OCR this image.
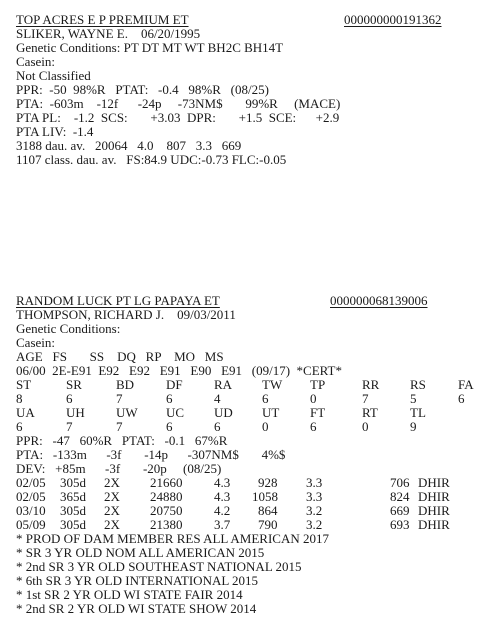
TOP ACRES E P PREMIUM ET	000000000191362
SLIKER, WAYNE E.    06/20/1995
Genetic Conditions: PT DT MT WT BH2C BH14T
Casein:
Not Classified
PPR:  -50  98%R   PTAT:   -0.4   98%R   (08/25)
PTA:  -603m    -12f      -24p     -73NM$       99%R     (MACE)
PTA PL:    -1.2  SCS:       +3.03  DPR:       +1.5  SCE:      +2.9
PTA LIV:  -1.4
3188 dau. av.   20064   4.0    807   3.3   669
1107 class. dau. av.   FS:84.9 UDC:-0.73 FLC:-0.05
RANDOM LUCK PT LG PAPAYA ET	000000068139006
THOMPSON, RICHARD J.    09/03/2011
Genetic Conditions:
Casein:
AGE   FS       SS    DQ   RP    MO   MS
06/00  2E-E91  E92   E92   E91   E90   E91   (09/17)  *CERT*
ST	SR	BD DF RA TW TP	RR RS FA
8	6	7	6	4	6	0	7	5	6
UA UH UW UC UD UT FT	RT TL
6	7	7	6	6	0	6	0	9
PPR:   -47   60%R   PTAT:   -0.1   67%R
PTA:   -133m      -3f       -14p      -307NM$       4%$
DEV:   +85m      -3f       -20p     (08/25)
02/05 305d 2X 21660 4.3 928 3.3	706 DHIR
02/05 365d 2X 24880 4.3 1058 3.3	824 DHIR
03/10 305d 2X 20750 4.2 864 3.2	669 DHIR
05/09 305d 2X 21380 3.7 790 3.2	693 DHIR
* PROD OF DAM MEMBER RES ALL AMERICAN 2017
* SR 3 YR OLD NOM ALL AMERICAN 2015
* 2nd SR 3 YR OLD SOUTHEAST NATIONAL 2015
* 6th SR 3 YR OLD INTERNATIONAL 2015
* 1st SR 2 YR OLD WI STATE FAIR 2014
* 2nd SR 2 YR OLD WI STATE SHOW 2014
